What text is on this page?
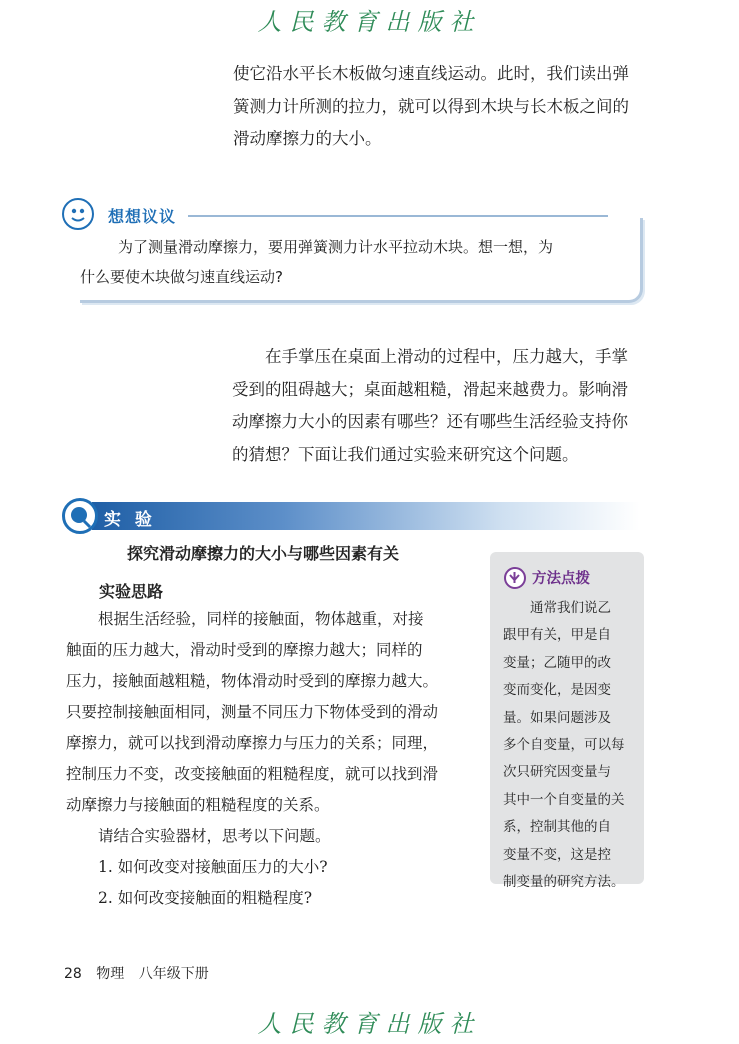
人民教育出版社
使它沿水平长木板做匀速直线运动。此时，我们读出弹
簧测力计所测的拉力，就可以得到木块与长木板之间的
滑动摩擦力的大小。
想想议议
为了测量滑动摩擦力，要用弹簧测力计水平拉动木块。想一想，为
什么要使木块做匀速直线运动?
在手掌压在桌面上滑动的过程中，压力越大，手掌
受到的阻碍越大；桌面越粗糙，滑起来越费力。影响滑
动摩擦力大小的因素有哪些？还有哪些生活经验支持你
的猜想？下面让我们通过实验来研究这个问题。
实 验
探究滑动摩擦力的大小与哪些因素有关
实验思路
根据生活经验，同样的接触面，物体越重，对接
触面的压力越大，滑动时受到的摩擦力越大；同样的
压力，接触面越粗糙，物体滑动时受到的摩擦力越大。
只要控制接触面相同，测量不同压力下物体受到的滑动
摩擦力，就可以找到滑动摩擦力与压力的关系；同理，
控制压力不变，改变接触面的粗糙程度，就可以找到滑
动摩擦力与接触面的粗糙程度的关系。
请结合实验器材，思考以下问题。
1. 如何改变对接触面压力的大小?
2. 如何改变接触面的粗糙程度?
方法点拨
通常我们说乙
跟甲有关，甲是自
变量；乙随甲的改
变而变化，是因变
量。如果问题涉及
多个自变量，可以每
次只研究因变量与
其中一个自变量的关
系，控制其他的自
变量不变，这是控
制变量的研究方法。
28 物理 八年级下册
人民教育出版社
